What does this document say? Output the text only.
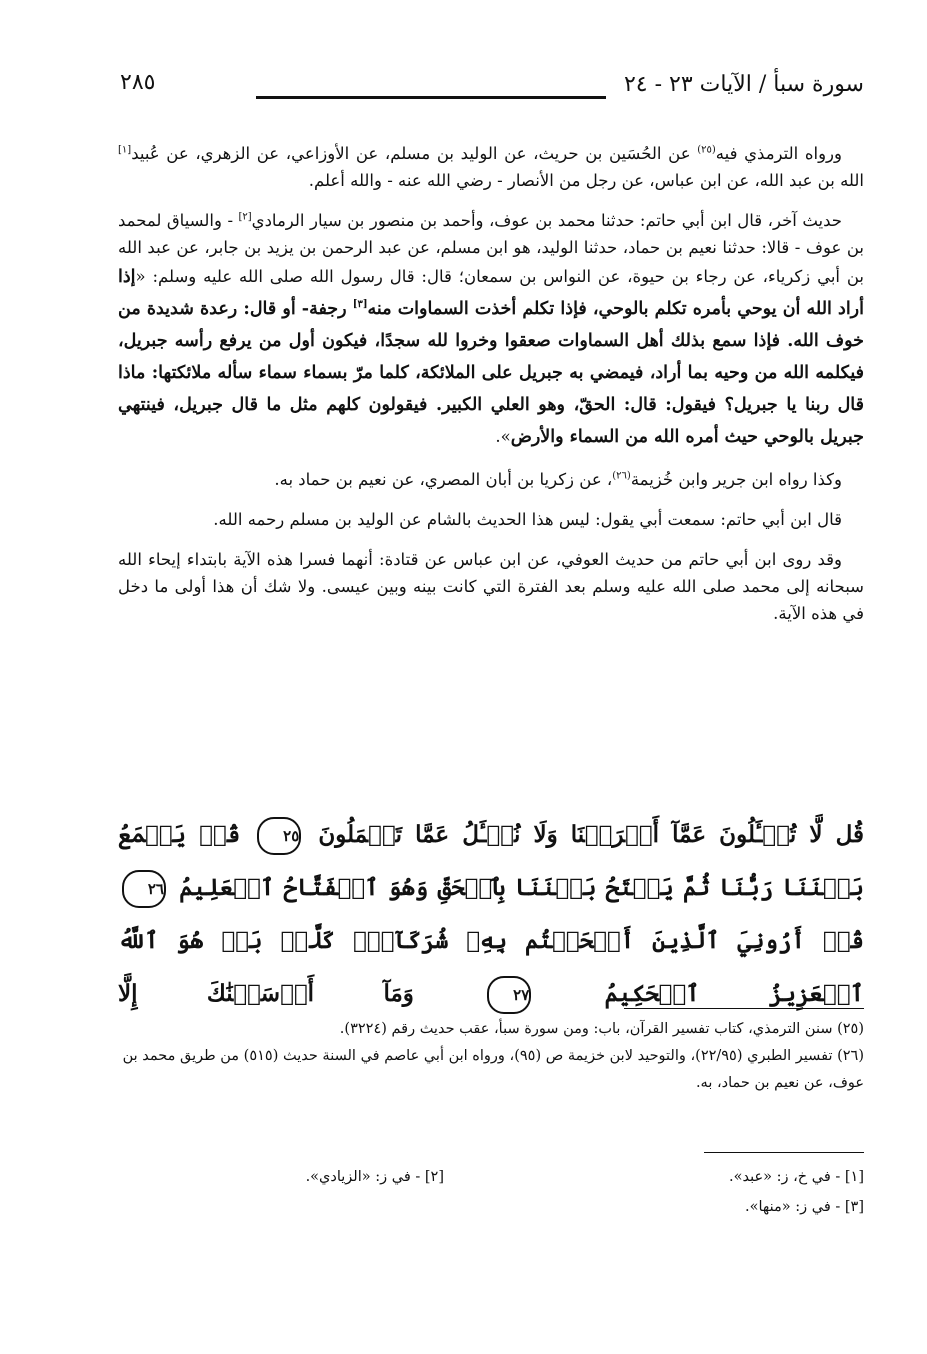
سورة سبأ / الآيات ٢٣ - ٢٤
٢٨٥

ورواه الترمذي فيه$^{(٢٥)}$ عن الحُسَين بن حريث، عن الوليد بن مسلم، عن الأوزاعي، عن الزهري، عن عُبيد[١] الله بن عبد الله، عن ابن عباس، عن رجل من الأنصار - رضي الله عنه - والله أعلم.

حديث آخر، قال ابن أبي حاتم: حدثنا محمد بن عوف، وأحمد بن منصور بن سيار الرمادي[٢] - والسياق لمحمد بن عوف - قالا: حدثنا نعيم بن حماد، حدثنا الوليد، هو ابن مسلم، عن عبد الرحمن بن يزيد بن جابر، عن عبد الله بن أبي زكرياء، عن رجاء بن حيوة، عن النواس بن سمعان؛ قال: قال رسول الله صلى الله عليه وسلم: «إذا أراد الله أن يوحي بأمره تكلم بالوحي، فإذا تكلم أخذت السماوات منه[٣] رجفة- أو قال: رعدة شديدة من خوف الله. فإذا سمع بذلك أهل السماوات صعقوا وخروا لله سجدًا، فيكون أول من يرفع رأسه جبريل، فيكلمه الله من وحيه بما أراد، فيمضي به جبريل على الملائكة، كلما مرّ بسماء سماء سأله ملائكتها: ماذا قال ربنا يا جبريل؟ فيقول: قال: الحقّ، وهو العلي الكبير. فيقولون كلهم مثل ما قال جبريل، فينتهي جبريل بالوحي حيث أمره الله من السماء والأرض».

وكذا رواه ابن جرير وابن خُزيمة$^{(٢٦)}$، عن زكريا بن أبان المصري، عن نعيم بن حماد به.

قال ابن أبي حاتم: سمعت أبي يقول: ليس هذا الحديث بالشام عن الوليد بن مسلم رحمه الله.

وقد روى ابن أبي حاتم من حديث العوفي، عن ابن عباس عن قتادة: أنهما فسرا هذه الآية بابتداء إيحاء الله سبحانه إلى محمد صلى الله عليه وسلم بعد الفترة التي كانت بينه وبين عيسى. ولا شك أن هذا أولى ما دخل في هذه الآية.

قُل لَّا تُسۡـَٔلُونَ عَمَّآ أَجۡرَمۡنَا وَلَا نُسۡـَٔلُ عَمَّا تَعۡمَلُونَ ٢٥ قُلۡ يَجۡمَعُ بَيۡنَنَا رَبُّنَا ثُمَّ يَفۡتَحُ بَيۡنَنَا بِٱلۡحَقِّ وَهُوَ ٱلۡفَتَّاحُ ٱلۡعَلِيمُ ٢٦ قُلۡ أَرُونِيَ ٱلَّذِينَ أَلۡحَقۡتُم بِهِۦ شُرَكَآءَۖ كَلَّاۚ بَلۡ هُوَ ٱللَّهُ ٱلۡعَزِيزُ ٱلۡحَكِيمُ ٢٧ وَمَآ أَرۡسَلۡنَٰكَ إِلَّا

(٢٥) سنن الترمذي، كتاب تفسير القرآن، باب: ومن سورة سبأ، عقب حديث رقم (٣٢٢٤).

(٢٦) تفسير الطبري (٢٢/٩٥)، والتوحيد لابن خزيمة ص (٩٥)، ورواه ابن أبي عاصم في السنة حديث (٥١٥) من طريق محمد بن عوف، عن نعيم بن حماد، به.

[١] - في خ، ز: «عبد».
[٢] - في ز: «الزيادي».
[٣] - في ز: «منها».
